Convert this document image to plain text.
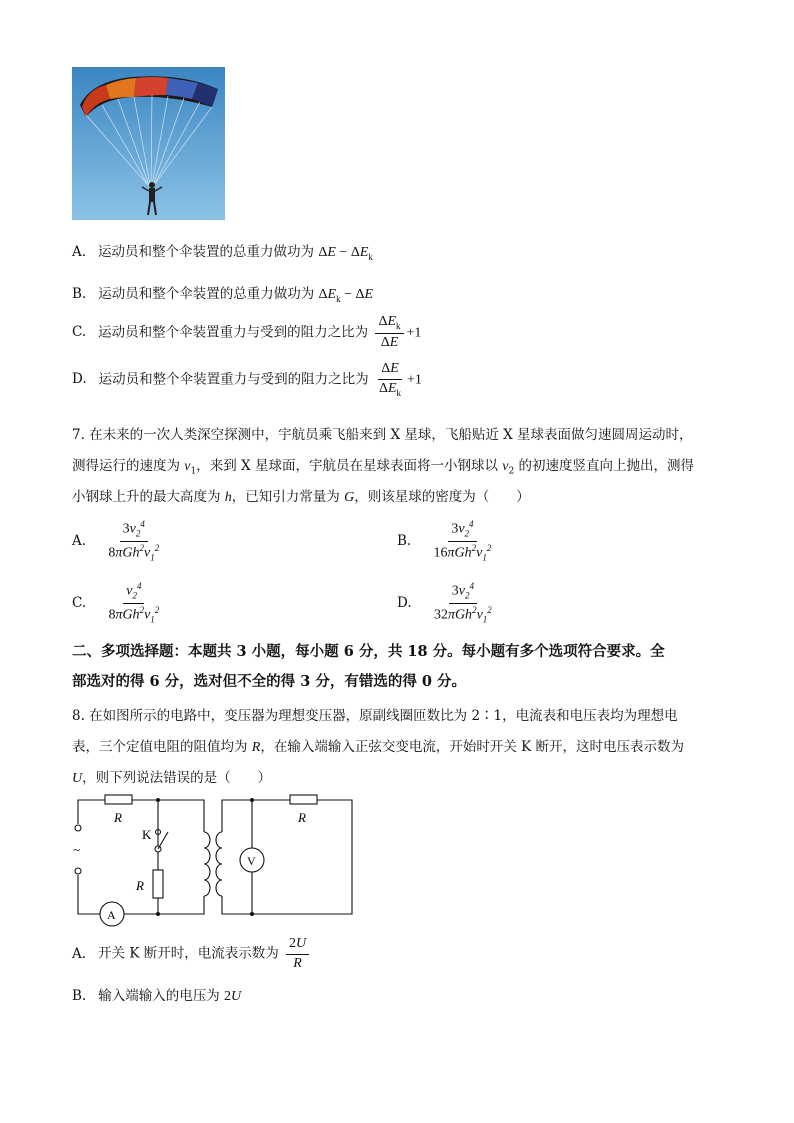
A. 运动员和整个伞装置的总重力做功为 $\Delta E - \Delta E_k$
B. 运动员和整个伞装置的总重力做功为 $\Delta E_k - \Delta E$
C. 运动员和整个伞装置重力与受到的阻力之比为 $\frac{\Delta E_k}{\Delta E} +1$
D. 运动员和整个伞装置重力与受到的阻力之比为 $\frac{\Delta E}{\Delta E_k} +1$
7. 在未来的一次人类深空探测中，宇航员乘飞船来到 X 星球，飞船贴近 X 星球表面做匀速圆周运动时，
测得运行的速度为 $v_1$，来到 X 星球面，宇航员在星球表面将一小钢球以 $v_2$ 的初速度竖直向上抛出，测得
小钢球上升的最大高度为 h，已知引力常量为 G，则该星球的密度为（　　）
A. $\frac{3v_2^4}{8\pi Gh^2v_1^2}$	B. $\frac{3v_2^4}{16\pi Gh^2v_1^2}$
C. $\frac{v_2^4}{8\pi Gh^2v_1^2}$	D. $\frac{3v_2^4}{32\pi Gh^2v_1^2}$
二、多项选择题：本题共 3 小题，每小题 6 分，共 18 分。每小题有多个选项符合要求。全
部选对的得 6 分，选对但不全的得 3 分，有错选的得 0 分。
8. 在如图所示的电路中，变压器为理想变压器，原副线圈匝数比为 2∶1，电流表和电压表均为理想电
表，三个定值电阻的阻值均为 R，在输入端输入正弦交变电流，开始时开关 K 断开，这时电压表示数为
U，则下列说法错误的是（　　）
R
K
R
R
~
A
V
A. 开关 K 断开时，电流表示数为 $\frac{2U}{R}$
B. 输入端输入的电压为 2U
